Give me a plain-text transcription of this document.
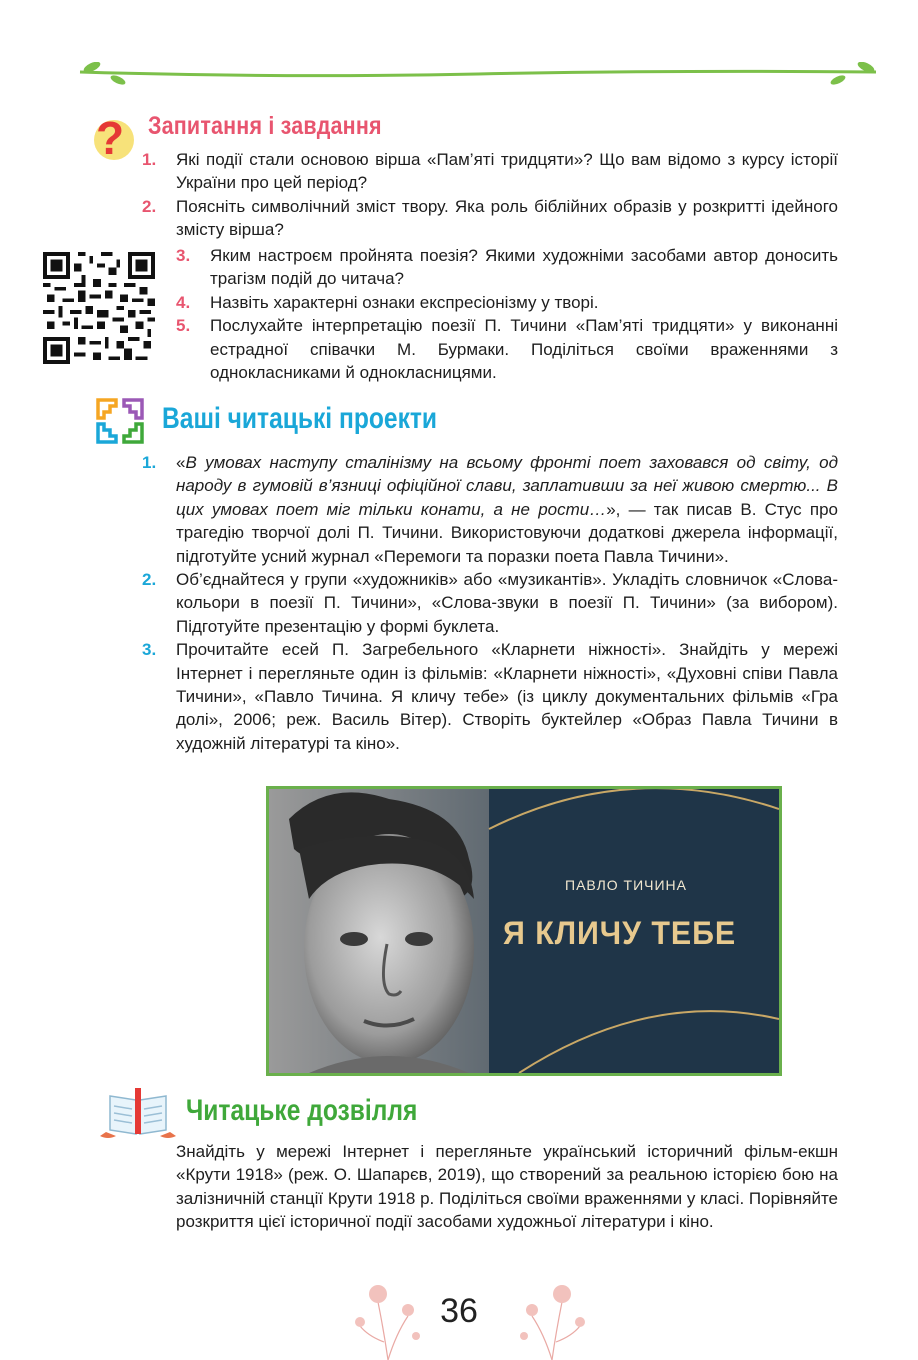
? Запитання і завдання
1. Які події стали основою вірша «Пам’яті тридцяти»? Що вам відомо з курсу історії України про цей період?
2. Поясніть символічний зміст твору. Яка роль біблійних образів у розкритті ідейного змісту вірша?
3. Яким настроєм пройнята поезія? Якими художніми засобами автор доносить трагізм подій до читача?
4. Назвіть характерні ознаки експресіонізму у творі.
5. Послухайте інтерпретацію поезії П. Тичини «Пам’яті тридцяти» у виконанні естрадної співачки М. Бурмаки. Поділіться своїми враженнями з однокласниками й однокласницями.
Ваші читацькі проекти
1. «В умовах наступу сталінізму на всьому фронті поет заховався од світу, од народу в гумовій в’язниці офіційної слави, заплативши за неї живою смертю... В цих умовах поет міг тільки конати, а не рости…», — так писав В. Стус про трагедію творчої долі П. Тичини. Використовуючи додаткові джерела інформації, підготуйте усний журнал «Перемоги та поразки поета Павла Тичини».
2. Об’єднайтеся у групи «художників» або «музикантів». Укладіть словничок «Слова-кольори в поезії П. Тичини», «Слова-звуки в поезії П. Тичини» (за вибором). Підготуйте презентацію у формі буклета.
3. Прочитайте есей П. Загребельного «Кларнети ніжності». Знайдіть у мережі Інтернет і перегляньте один із фільмів: «Кларнети ніжності», «Духовні співи Павла Тичини», «Павло Тичина. Я кличу тебе» (із циклу документальних фільмів «Гра долі», 2006; реж. Василь Вітер). Створіть буктейлер «Образ Павла Тичини в художній літературі та кіно».
ПАВЛО ТИЧИНА
Я КЛИЧУ ТЕБЕ
Читацьке дозвілля
Знайдіть у мережі Інтернет і перегляньте український історичний фільм-екшн «Крути 1918» (реж. О. Шапарєв, 2019), що створений за реальною історією бою на залізничній станції Крути 1918 р. Поділіться своїми враженнями у класі. Порівняйте розкриття цієї історичної події засобами художньої літератури і кіно.
36
